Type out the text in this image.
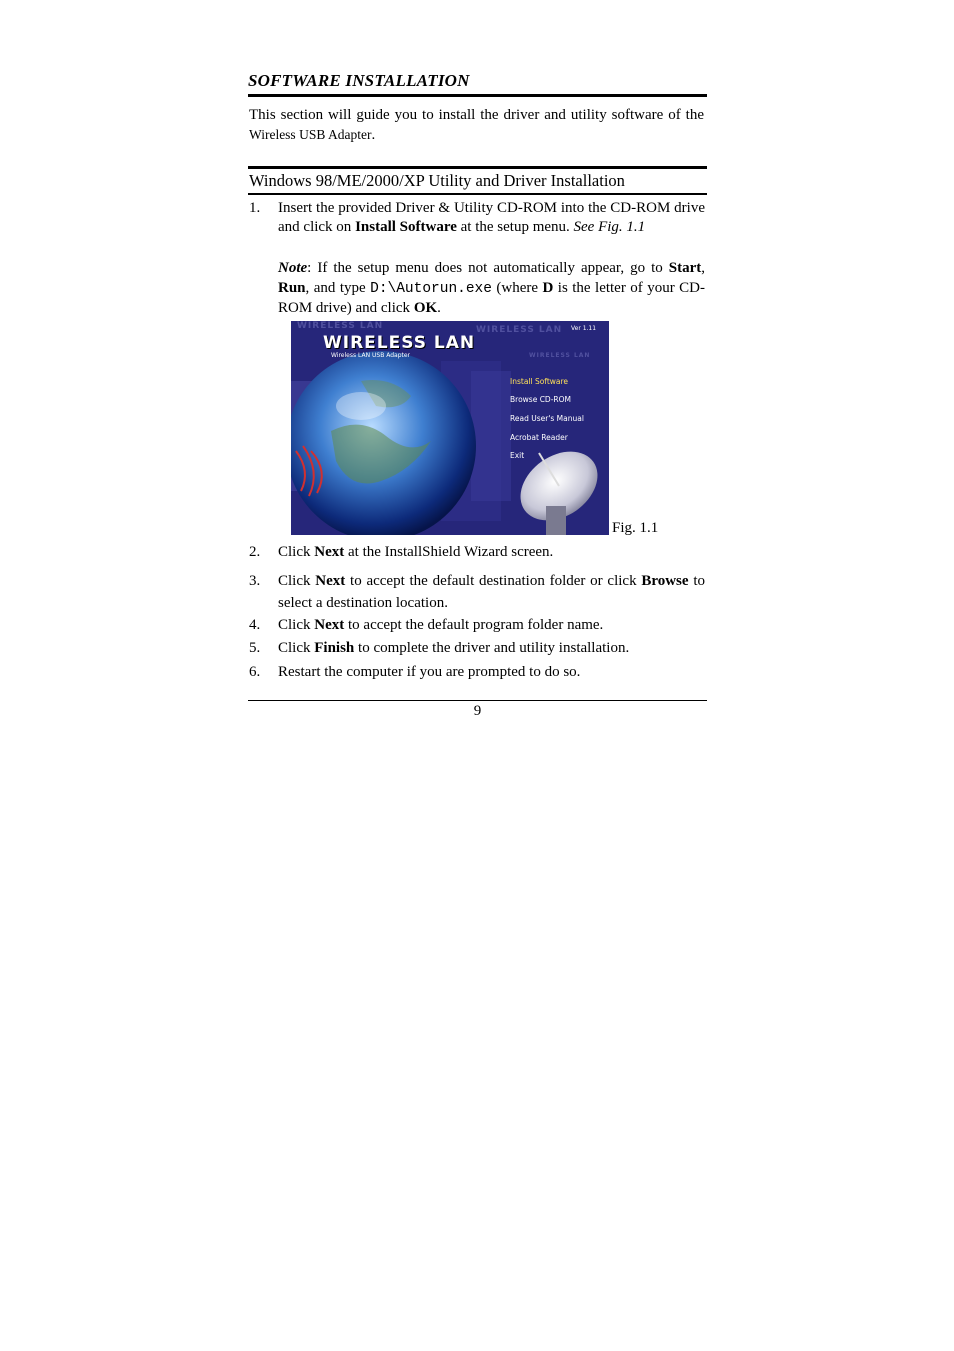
SOFTWARE INSTALLATION
This section will guide you to install the driver and utility software of the Wireless USB Adapter.
Windows 98/ME/2000/XP Utility and Driver Installation
1. Insert the provided Driver & Utility CD-ROM into the CD-ROM drive and click on Install Software at the setup menu. See Fig. 1.1
Note: If the setup menu does not automatically appear, go to Start, Run, and type D:\Autorun.exe (where D is the letter of your CD-ROM drive) and click OK.
WIRELESS LAN	WIRELESS LAN
WIRELESS LAN
Ver 1.11
WIRELESS LAN
Wireless LAN USB Adapter
Install Software
Browse CD-ROM
Read User's Manual
Acrobat Reader
Exit
Fig. 1.1
2. Click Next at the InstallShield Wizard screen.
3. Click Next to accept the default destination folder or click Browse to select a destination location.
4. Click Next to accept the default program folder name.
5. Click Finish to complete the driver and utility installation.
6. Restart the computer if you are prompted to do so.
9
